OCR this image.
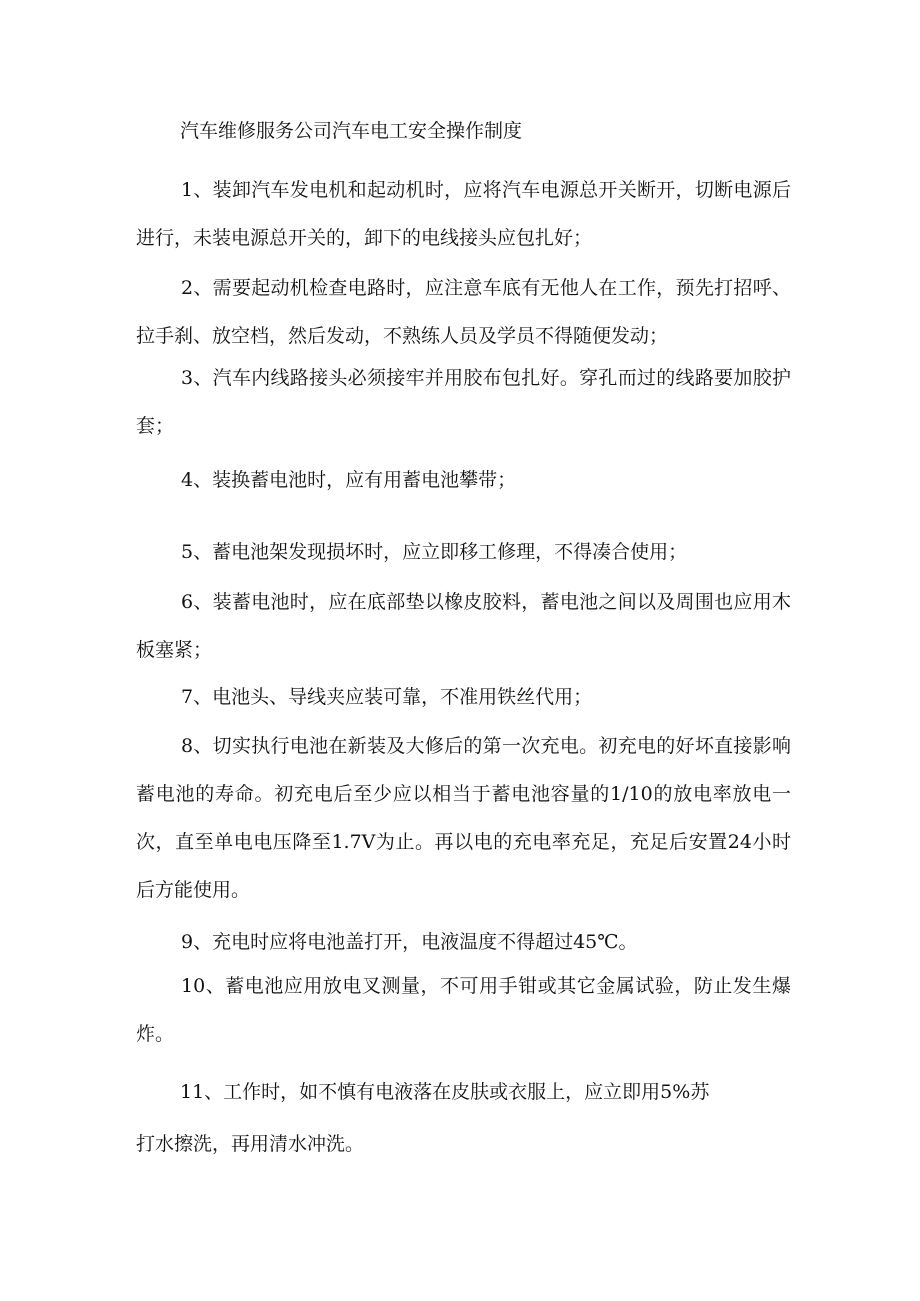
汽车维修服务公司汽车电工安全操作制度

1、装卸汽车发电机和起动机时，应将汽车电源总开关断开，切断电源后进行，未装电源总开关的，卸下的电线接头应包扎好；

2、需要起动机检查电路时，应注意车底有无他人在工作，预先打招呼、拉手刹、放空档，然后发动，不熟练人员及学员不得随便发动；

3、汽车内线路接头必须接牢并用胶布包扎好。穿孔而过的线路要加胶护套；

4、装换蓄电池时，应有用蓄电池攀带；

5、蓄电池架发现损坏时，应立即移工修理，不得凑合使用；

6、装蓄电池时，应在底部垫以橡皮胶料，蓄电池之间以及周围也应用木板塞紧；

7、电池头、导线夹应装可靠，不准用铁丝代用；

8、切实执行电池在新装及大修后的第一次充电。初充电的好坏直接影响蓄电池的寿命。初充电后至少应以相当于蓄电池容量的1/10的放电率放电一次，直至单电电压降至1.7V为止。再以电的充电率充足，充足后安置24小时后方能使用。

9、充电时应将电池盖打开，电液温度不得超过45℃。

10、蓄电池应用放电叉测量，不可用手钳或其它金属试验，防止发生爆炸。

11、工作时，如不慎有电液落在皮肤或衣服上，应立即用5%苏
打水擦洗，再用清水冲洗。
